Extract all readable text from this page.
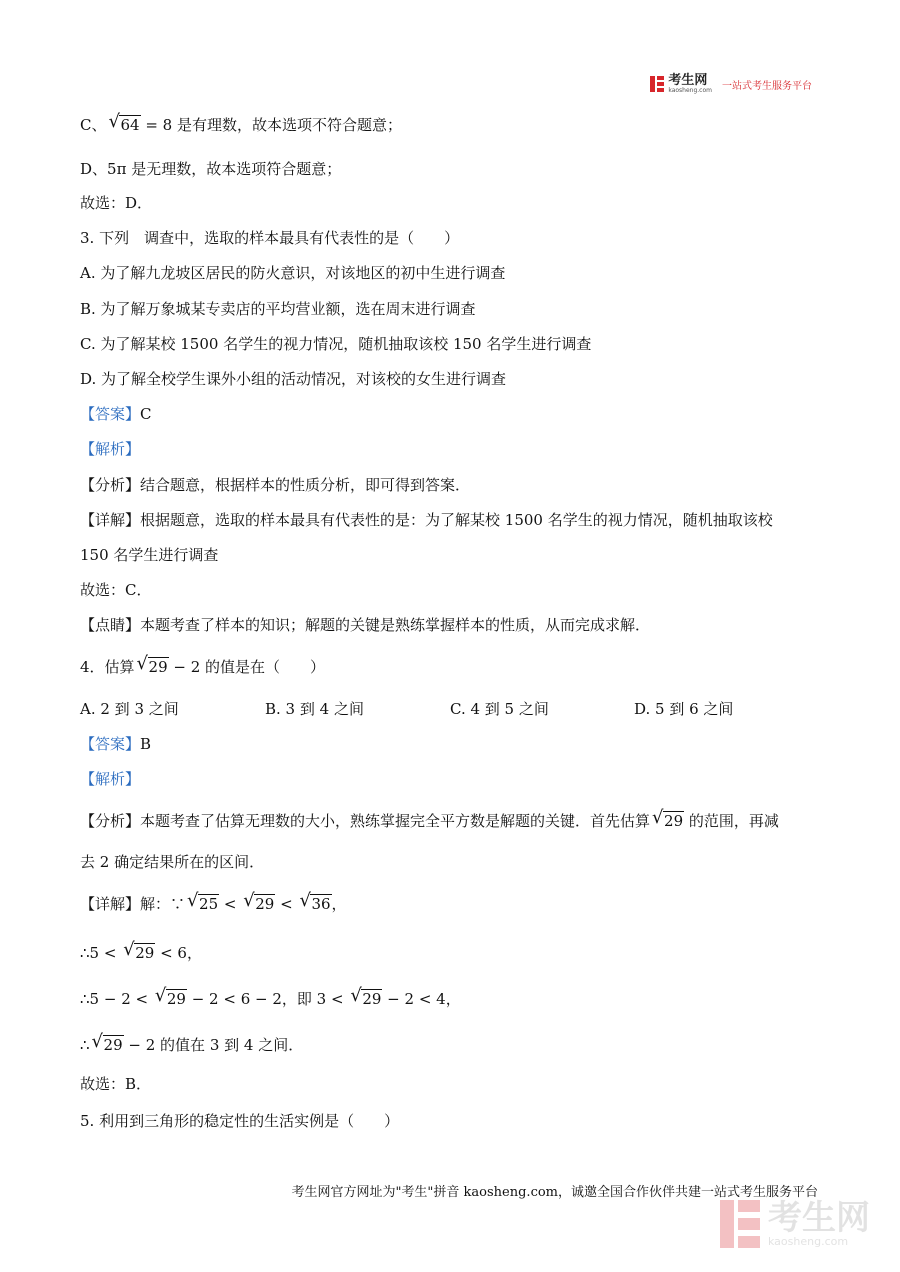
考生网
kaosheng.com 一站式考生服务平台
C、 √ 64 = 8 是有理数，故本选项不符合题意；
D、5π 是无理数，故本选项符合题意；
故选：D．
3. 下列　调查中，选取的样本最具有代表性的是（　　）
A. 为了解九龙坡区居民的防火意识，对该地区的初中生进行调查
B. 为了解万象城某专卖店的平均营业额，选在周末进行调查
C. 为了解某校 1500 名学生的视力情况，随机抽取该校 150 名学生进行调查
D. 为了解全校学生课外小组的活动情况，对该校的女生进行调查
【答案】C
【解析】
【分析】结合题意，根据样本的性质分析，即可得到答案．
【详解】根据题意，选取的样本最具有代表性的是：为了解某校 1500 名学生的视力情况，随机抽取该校
150 名学生进行调查
故选：C．
【点睛】本题考查了样本的知识；解题的关键是熟练掌握样本的性质，从而完成求解．
4．估算 √ 29 − 2 的值是在（　　）
A. 2 到 3 之间	B. 3 到 4 之间	C. 4 到 5 之间	D. 5 到 6 之间
【答案】B
【解析】
【分析】本题考查了估算无理数的大小，熟练掌握完全平方数是解题的关键．首先估算 √ 29 的范围，再减
去 2 确定结果所在的区间．
【详解】解：∵ √ 25 < √ 29 < √ 36，
∴5 < √ 29 < 6，
∴5 − 2 < √ 29 − 2 < 6 − 2，即 3 < √ 29 − 2 < 4，
∴ √ 29 − 2 的值在 3 到 4 之间．
故选：B．
5. 利用到三角形的稳定性的生活实例是（　　）
考生网官方网址为"考生"拼音 kaosheng.com，诚邀全国合作伙伴共建一站式考生服务平台
考生网
kaosheng.com
